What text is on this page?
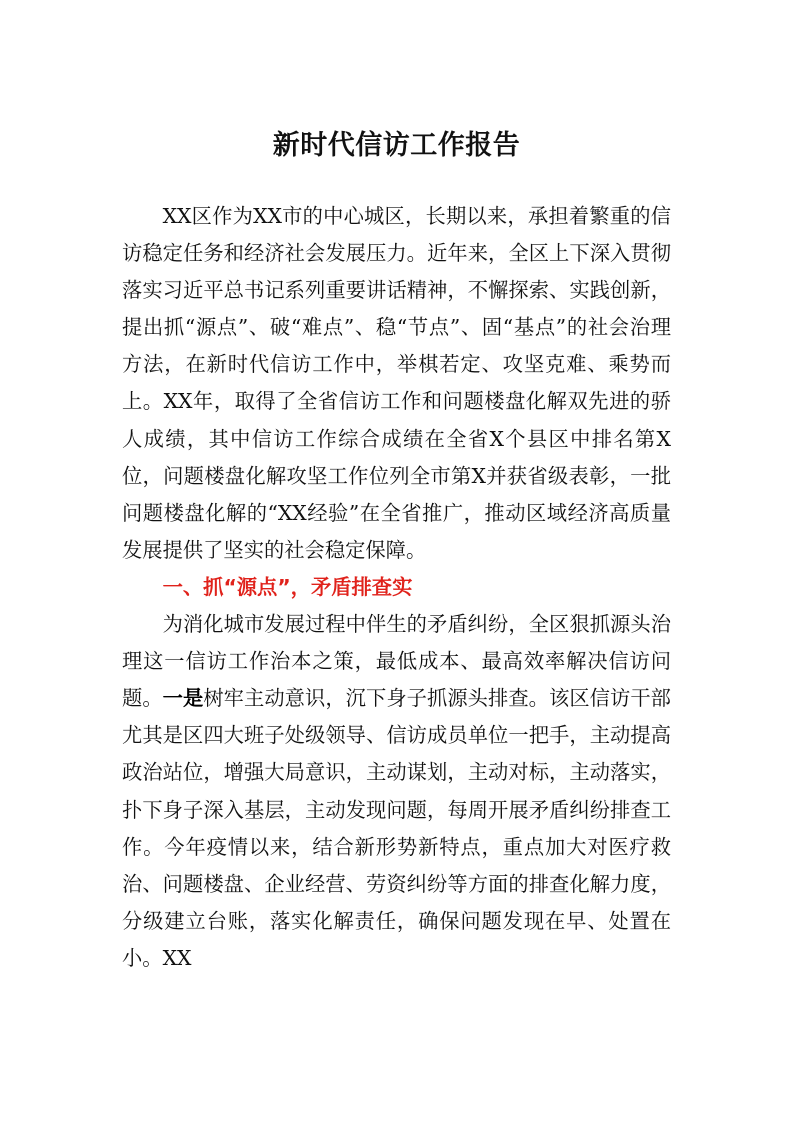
新时代信访工作报告

XX区作为XX市的中心城区，长期以来，承担着繁重的信访稳定任务和经济社会发展压力。近年来，全区上下深入贯彻落实习近平总书记系列重要讲话精神，不懈探索、实践创新，提出抓“源点”、破“难点”、稳“节点”、固“基点”的社会治理方法，在新时代信访工作中，举棋若定、攻坚克难、乘势而上。XX年，取得了全省信访工作和问题楼盘化解双先进的骄人成绩，其中信访工作综合成绩在全省X个县区中排名第X位，问题楼盘化解攻坚工作位列全市第X并获省级表彰，一批问题楼盘化解的“XX经验”在全省推广，推动区域经济高质量发展提供了坚实的社会稳定保障。

一、抓“源点”，矛盾排查实

为消化城市发展过程中伴生的矛盾纠纷，全区狠抓源头治理这一信访工作治本之策，最低成本、最高效率解决信访问题。一是树牢主动意识，沉下身子抓源头排查。该区信访干部尤其是区四大班子处级领导、信访成员单位一把手，主动提高政治站位，增强大局意识，主动谋划，主动对标，主动落实，扑下身子深入基层，主动发现问题，每周开展矛盾纠纷排查工作。今年疫情以来，结合新形势新特点，重点加大对医疗救治、问题楼盘、企业经营、劳资纠纷等方面的排查化解力度，分级建立台账，落实化解责任，确保问题发现在早、处置在小。XX
